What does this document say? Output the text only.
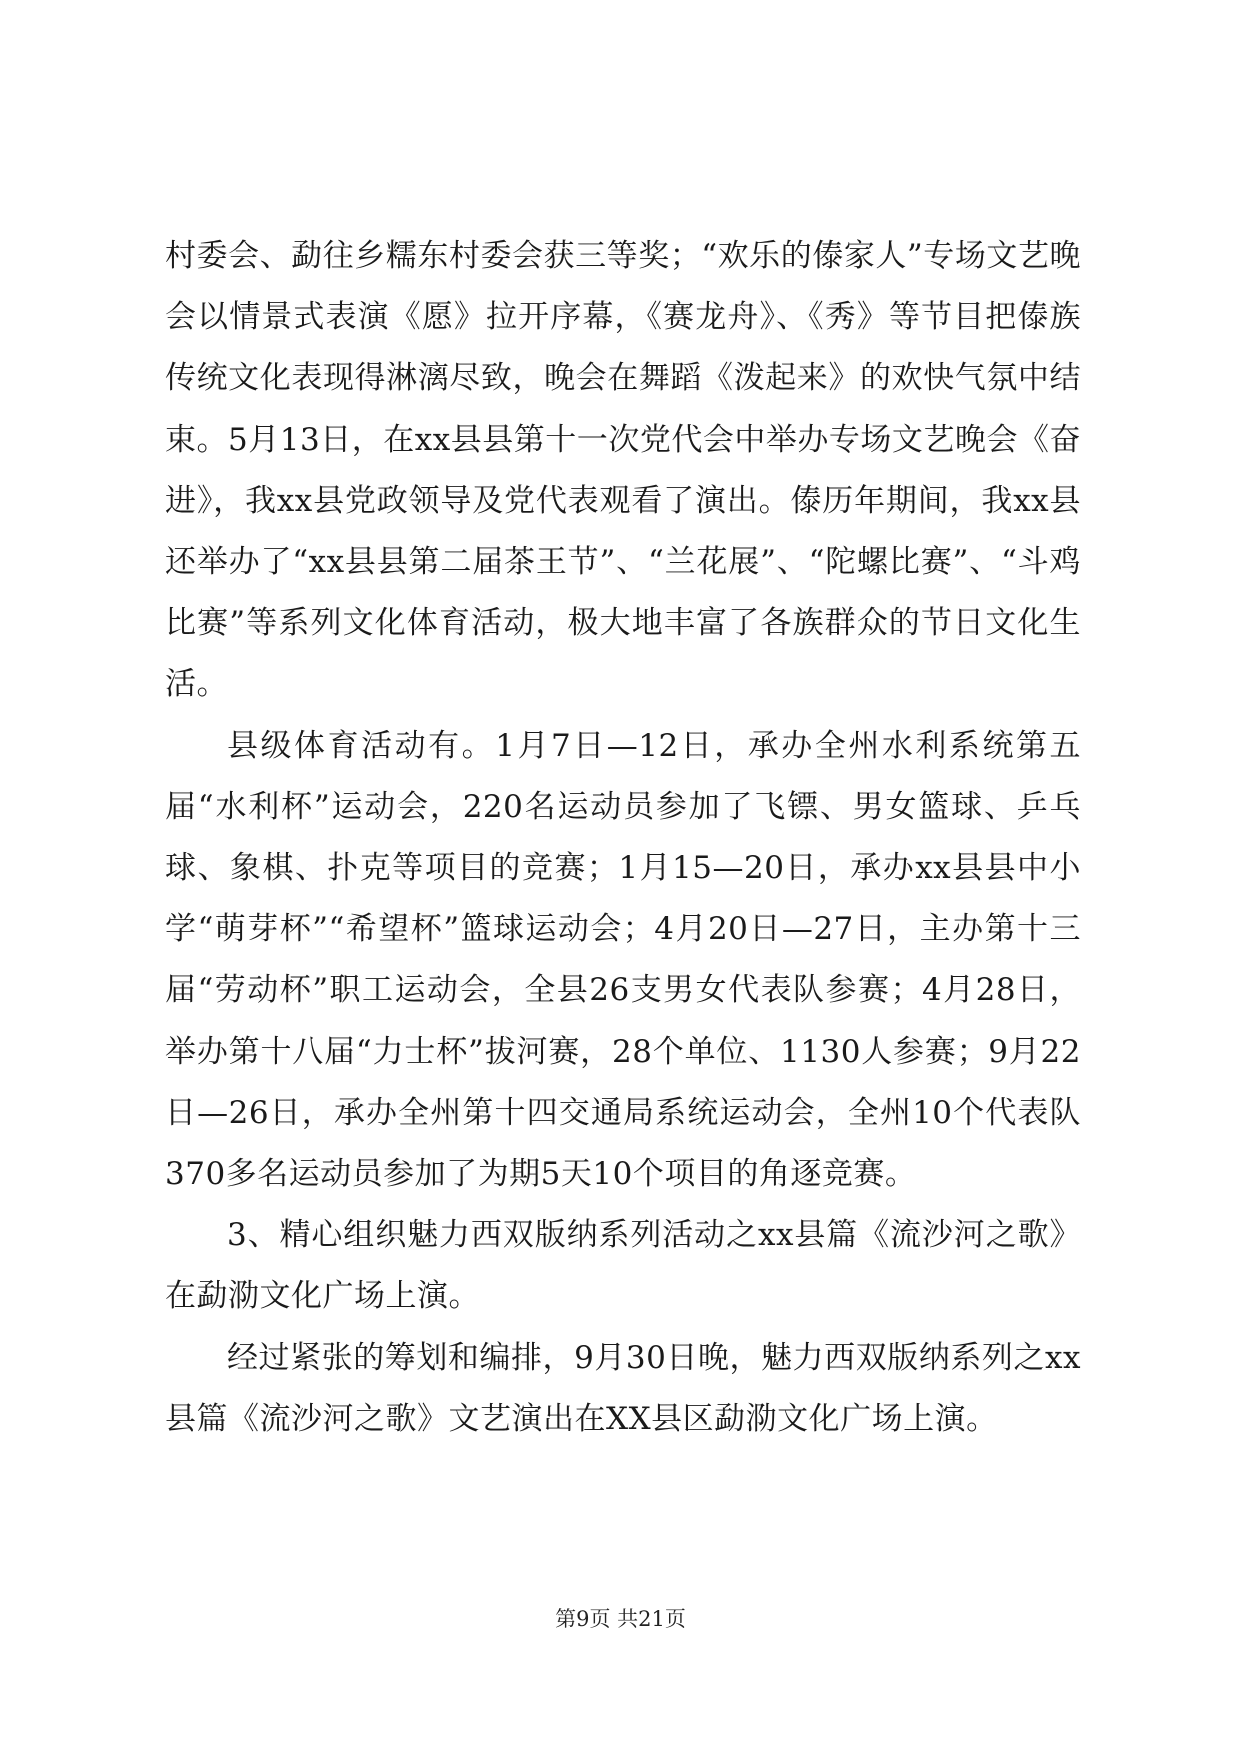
村委会、勐往乡糯东村委会获三等奖；“欢乐的傣家人”专场文艺晚会以情景式表演《愿》拉开序幕，《赛龙舟》、《秀》等节目把傣族传统文化表现得淋漓尽致，晚会在舞蹈《泼起来》的欢快气氛中结束。5月13日，在xx县县第十一次党代会中举办专场文艺晚会《奋进》，我xx县党政领导及党代表观看了演出。傣历年期间，我xx县还举办了“xx县县第二届茶王节”、“兰花展”、“陀螺比赛”、“斗鸡比赛”等系列文化体育活动，极大地丰富了各族群众的节日文化生活。

县级体育活动有。1月7日—12日，承办全州水利系统第五届“水利杯”运动会，220名运动员参加了飞镖、男女篮球、乒乓球、象棋、扑克等项目的竞赛；1月15—20日，承办xx县县中小学“萌芽杯”“希望杯”篮球运动会；4月20日—27日，主办第十三届“劳动杯”职工运动会，全县26支男女代表队参赛；4月28日，举办第十八届“力士杯”拔河赛，28个单位、1130人参赛；9月22日—26日，承办全州第十四交通局系统运动会，全州10个代表队370多名运动员参加了为期5天10个项目的角逐竞赛。

3、精心组织魅力西双版纳系列活动之xx县篇《流沙河之歌》在勐泐文化广场上演。

经过紧张的筹划和编排，9月30日晚，魅力西双版纳系列之xx县篇《流沙河之歌》文艺演出在XX县区勐泐文化广场上演。

第9页 共21页
